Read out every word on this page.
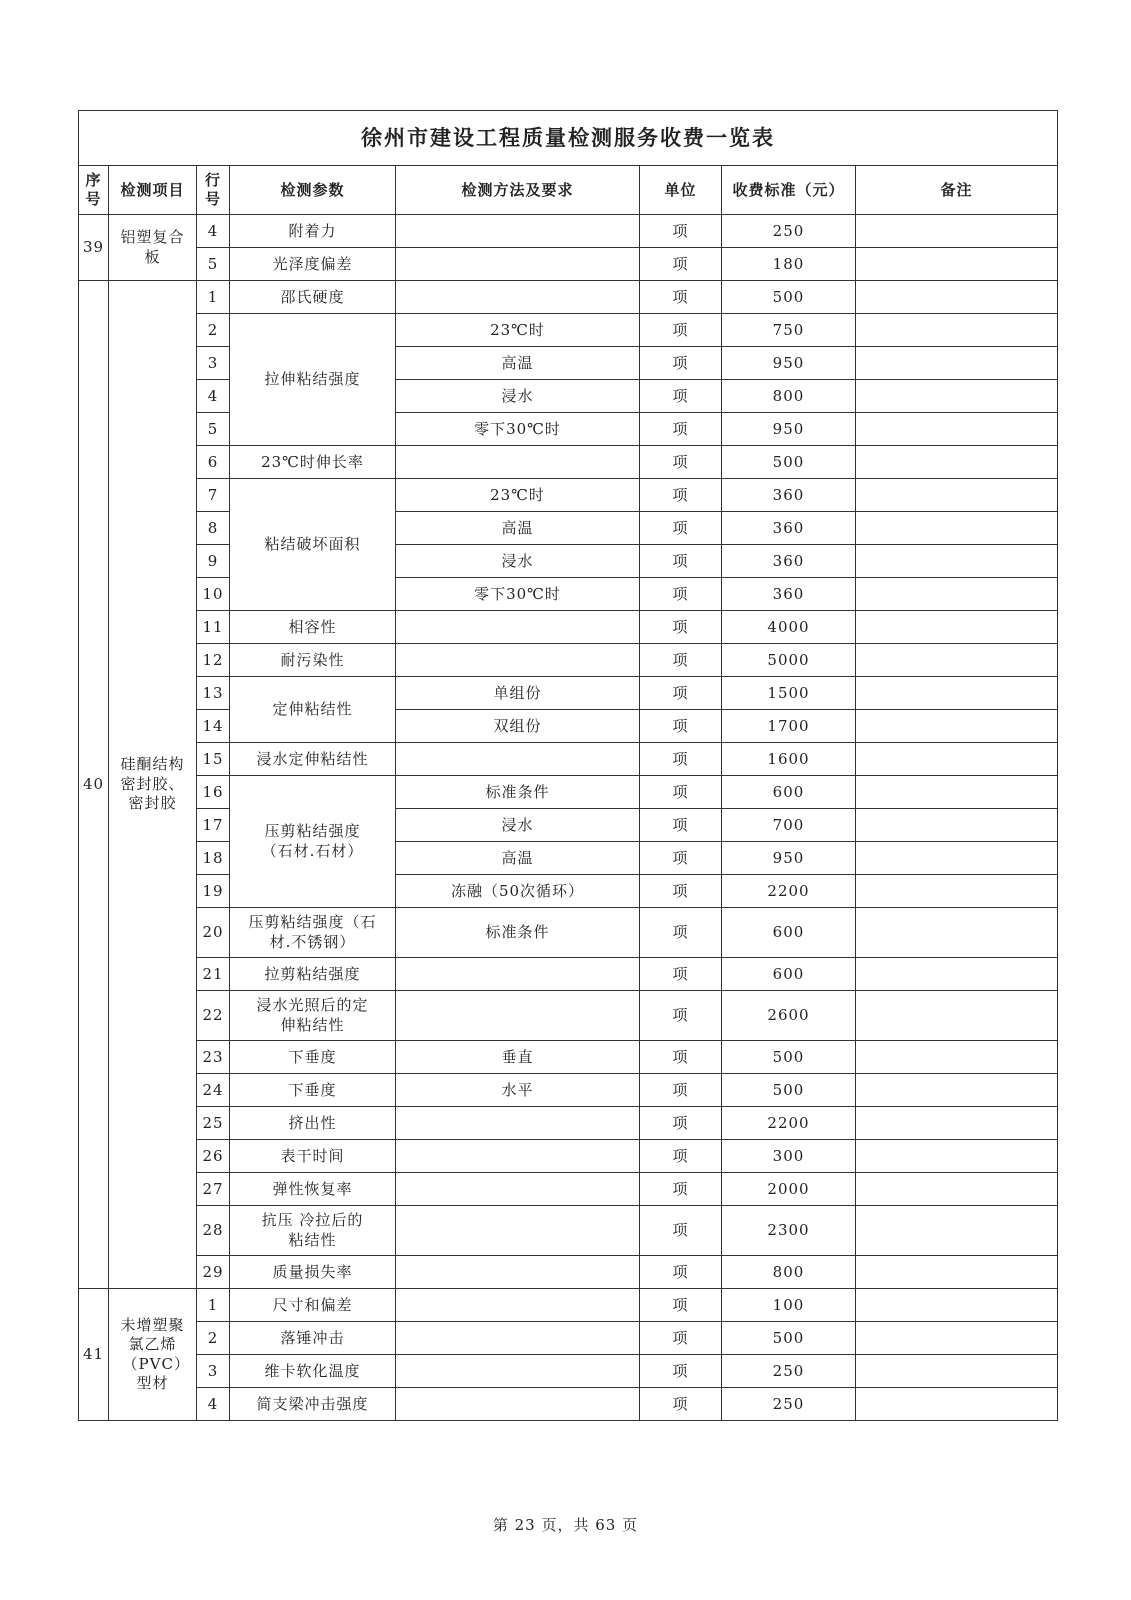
徐州市建设工程质量检测服务收费一览表							
序号	检测项目	行号	检测参数	检测方法及要求	单位	收费标准（元）	备注
39	铝塑复合板	4	附着力		项	250	
		5	光泽度偏差		项	180	
40	硅酮结构密封胶、密封胶	1	邵氏硬度		项	500	
		2	拉伸粘结强度	23℃时	项	750	
		3		高温	项	950	
		4		浸水	项	800	
		5		零下30℃时	项	950	
		6	23℃时伸长率		项	500	
		7	粘结破坏面积	23℃时	项	360	
		8		高温	项	360	
		9		浸水	项	360	
		10		零下30℃时	项	360	
		11	相容性		项	4000	
		12	耐污染性		项	5000	
		13	定伸粘结性	单组份	项	1500	
		14		双组份	项	1700	
		15	浸水定伸粘结性		项	1600	
		16	压剪粘结强度（石材.石材）	标准条件	项	600	
		17		浸水	项	700	
		18		高温	项	950	
		19		冻融（50次循环）	项	2200	
		20	压剪粘结强度（石材.不锈钢）	标准条件	项	600	
		21	拉剪粘结强度		项	600	
		22	浸水光照后的定伸粘结性		项	2600	
		23	下垂度	垂直	项	500	
		24	下垂度	水平	项	500	
		25	挤出性		项	2200	
		26	表干时间		项	300	
		27	弹性恢复率		项	2000	
		28	抗压 冷拉后的粘结性		项	2300	
		29	质量损失率		项	800	
41	未增塑聚氯乙烯（PVC）型材	1	尺寸和偏差		项	100	
		2	落锤冲击		项	500	
		3	维卡软化温度		项	250	
		4	简支梁冲击强度		项	250	
第 23 页，共 63 页
